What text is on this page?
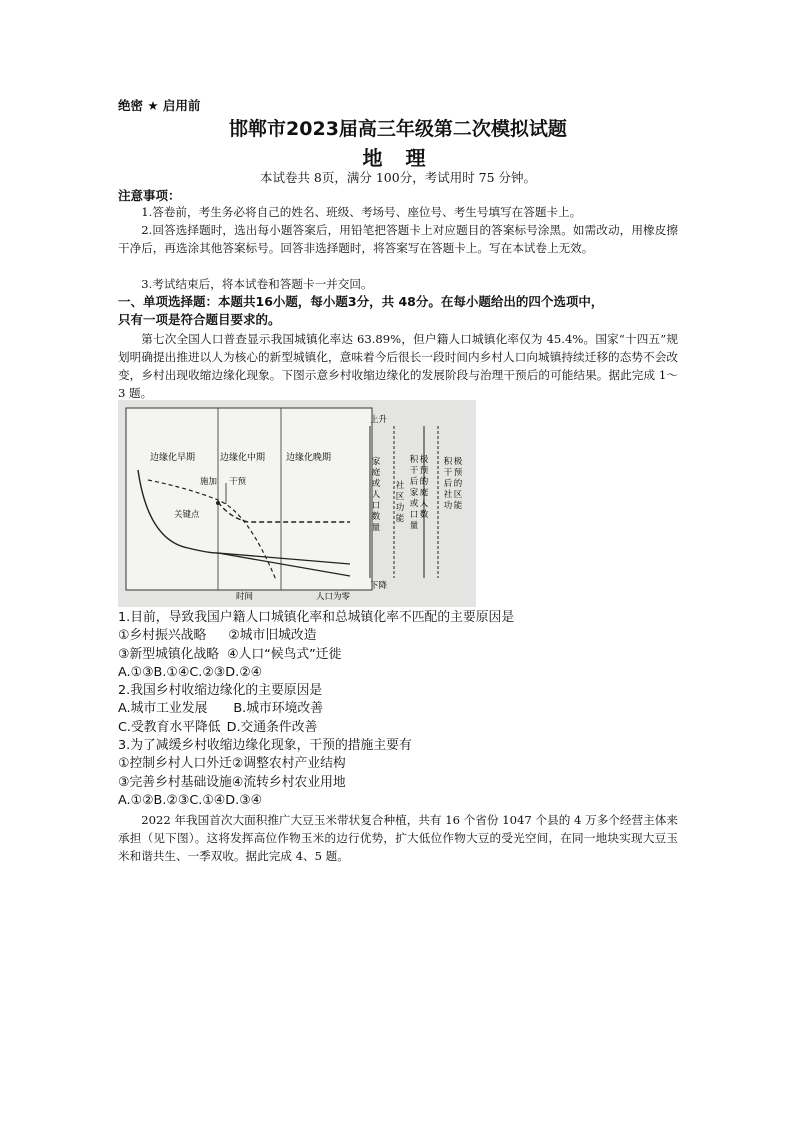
绝密 ★ 启用前
邯郸市2023届高三年级第二次模拟试题
地 理
本试卷共 8页，满分 100分，考试用时 75 分钟。
注意事项：
1.答卷前，考生务必将自己的姓名、班级、考场号、座位号、考生号填写在答题卡上。
2.回答选择题时，选出每小题答案后，用铅笔把答题卡上对应题目的答案标号涂黑。如需改动，用橡皮擦干净后，再选涂其他答案标号。回答非选择题时，将答案写在答题卡上。写在本试卷上无效。
3.考试结束后，将本试卷和答题卡一并交回。
一、单项选择题：本题共16小题，每小题3分，共 48分。在每小题给出的四个选项中，
只有一项是符合题目要求的。
第七次全国人口普查显示我国城镇化率达 63.89%，但户籍人口城镇化率仅为 45.4%。国家“十四五”规划明确提出推进以人为核心的新型城镇化，意味着今后很长一段时间内乡村人口向城镇持续迁移的态势不会改变，乡村出现收缩边缘化现象。下图示意乡村收缩边缘化的发展阶段与治理干预后的可能结果。据此完成 1～3 题。
边缘化早期	边缘化中期 边缘化晚期
施加 干预
关键点
时间	人口为零
上升
下降
家
庭
或
人
口
数
量
社
区
功
能
积
干
后
家
或
口
量
极
预
的
庭
人
数
积
干
后
社
功
极
预
的
区
能
1.目前，导致我国户籍人口城镇化率和总城镇化率不匹配的主要原因是
①乡村振兴战略 ②城市旧城改造
③新型城镇化战略 ④人口“候鸟式”迁徙
A.①③B.①④C.②③D.②④
2.我国乡村收缩边缘化的主要原因是
A.城市工业发展 B.城市环境改善
C.受教育水平降低 D.交通条件改善
3.为了减缓乡村收缩边缘化现象，干预的措施主要有
①控制乡村人口外迁②调整农村产业结构
③完善乡村基础设施④流转乡村农业用地
A.①②B.②③C.①④D.③④
2022 年我国首次大面积推广大豆玉米带状复合种植，共有 16 个省份 1047 个县的 4 万多个经营主体来承担（见下图）。这将发挥高位作物玉米的边行优势，扩大低位作物大豆的受光空间，在同一地块实现大豆玉米和谐共生、一季双收。据此完成 4、5 题。
